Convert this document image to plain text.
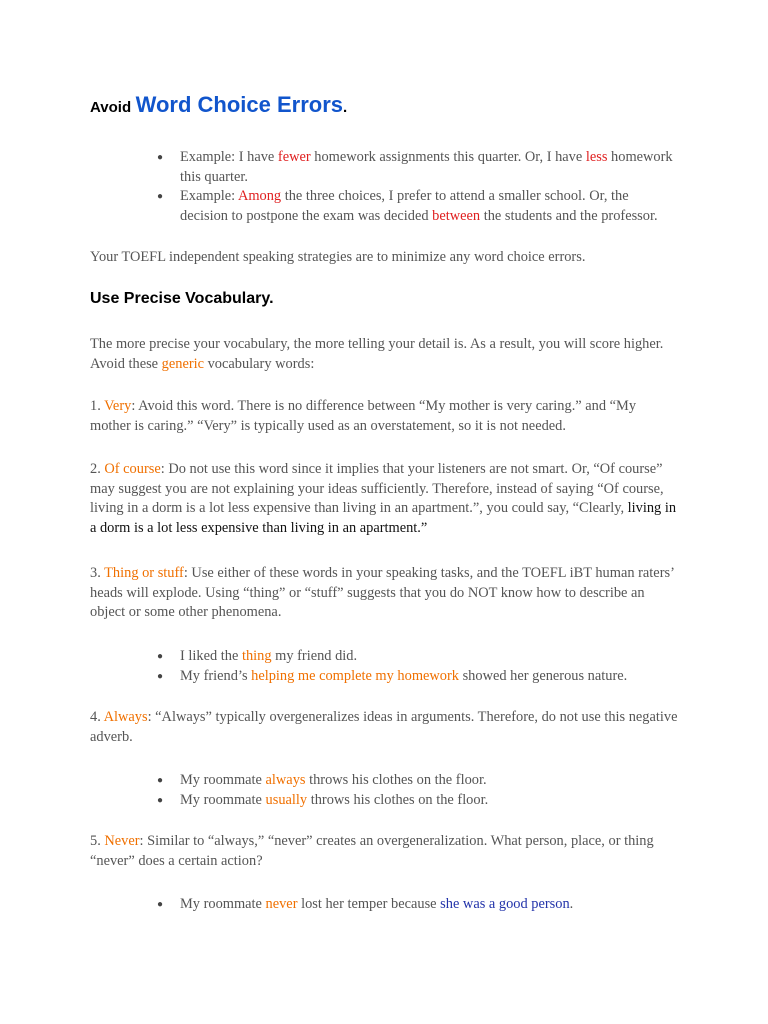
Avoid Word Choice Errors.
● Example: I have fewer homework assignments this quarter. Or, I have less homework this quarter.
● Example: Among the three choices, I prefer to attend a smaller school. Or, the decision to postpone the exam was decided between the students and the professor.
Your TOEFL independent speaking strategies are to minimize any word choice errors.
Use Precise Vocabulary.
The more precise your vocabulary, the more telling your detail is. As a result, you will score higher. Avoid these generic vocabulary words:
1. Very: Avoid this word. There is no difference between “My mother is very caring.” and “My mother is caring.” “Very” is typically used as an overstatement, so it is not needed.
2. Of course: Do not use this word since it implies that your listeners are not smart. Or, “Of course” may suggest you are not explaining your ideas sufficiently. Therefore, instead of saying “Of course, living in a dorm is a lot less expensive than living in an apartment.”, you could say, “Clearly, living in a dorm is a lot less expensive than living in an apartment.”
3. Thing or stuff: Use either of these words in your speaking tasks, and the TOEFL iBT human raters’ heads will explode. Using “thing” or “stuff” suggests that you do NOT know how to describe an object or some other phenomena.
● I liked the thing my friend did.
● My friend’s helping me complete my homework showed her generous nature.
4. Always: “Always” typically overgeneralizes ideas in arguments. Therefore, do not use this negative adverb.
● My roommate always throws his clothes on the floor.
● My roommate usually throws his clothes on the floor.
5. Never: Similar to “always,” “never” creates an overgeneralization. What person, place, or thing “never” does a certain action?
● My roommate never lost her temper because she was a good person.
